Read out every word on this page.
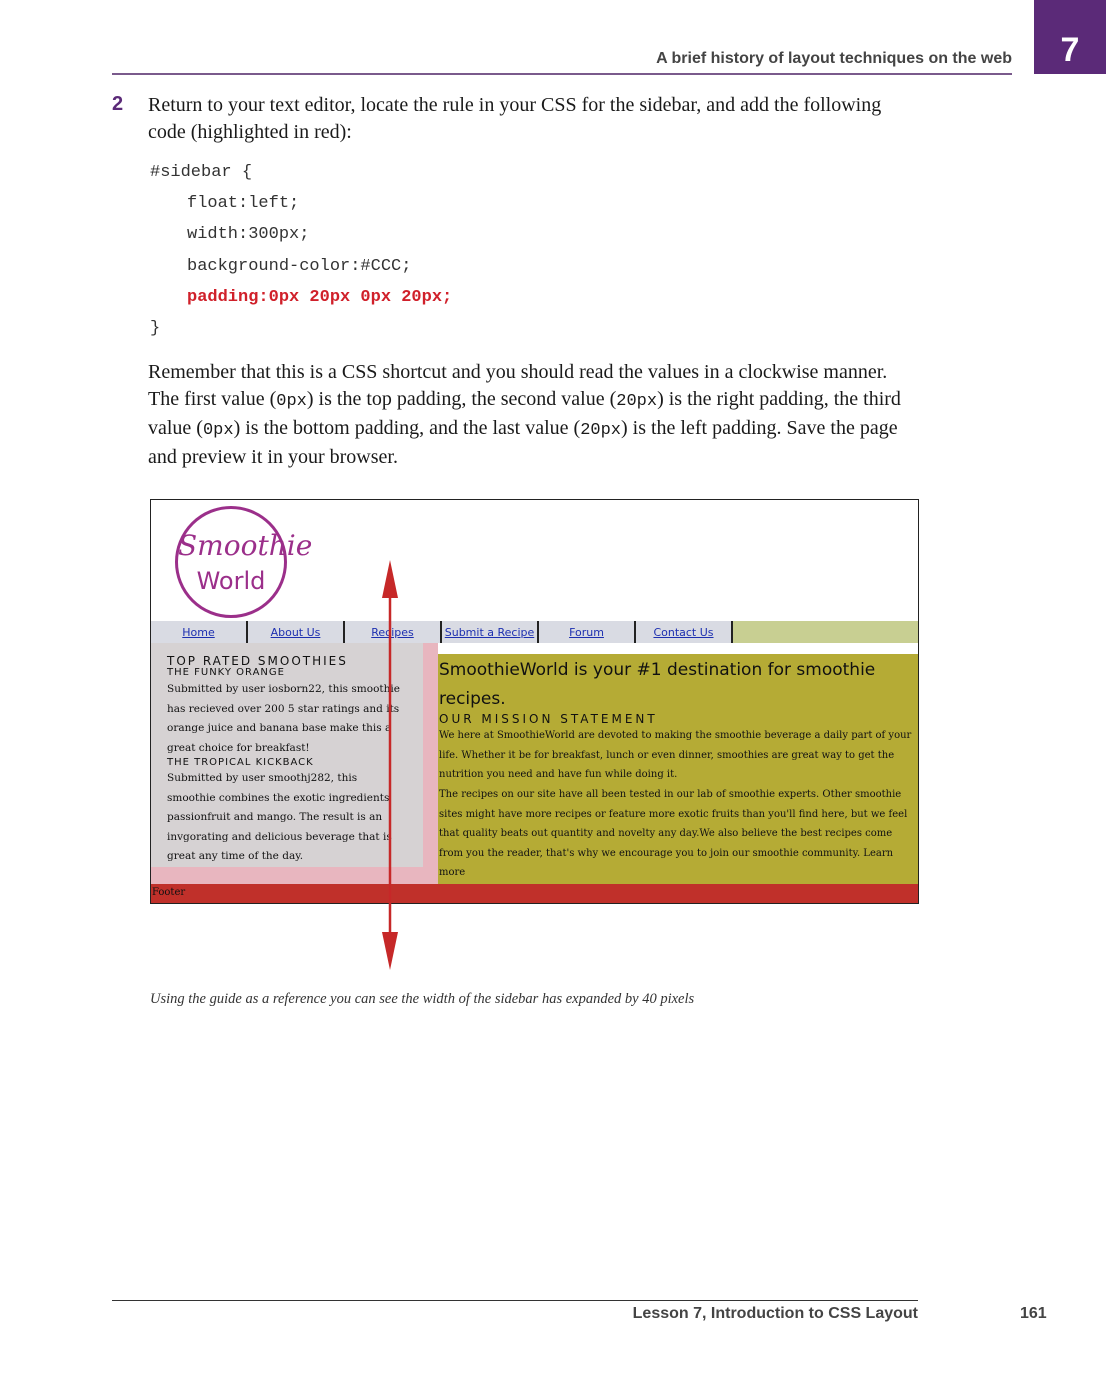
7
A brief history of layout techniques on the web
2 Return to your text editor, locate the rule in your CSS for the sidebar, and add the following code (highlighted in red):
#sidebar {
float:left;
width:300px;
background-color:#CCC;
padding:0px 20px 0px 20px;
}
Remember that this is a CSS shortcut and you should read the values in a clockwise manner. The first value (0px) is the top padding, the second value (20px) is the right padding, the third value (0px) is the bottom padding, and the last value (20px) is the left padding. Save the page and preview it in your browser.
Smoothie
World
Home	About Us	Recipes	Submit a Recipe	Forum	Contact Us
TOP RATED SMOOTHIES
THE FUNKY ORANGE
Submitted by user iosborn22, this smoothie has recieved over 200 5 star ratings and its orange juice and banana base make this a great choice for breakfast!
THE TROPICAL KICKBACK
Submitted by user smoothj282, this smoothie combines the exotic ingredients passionfruit and mango. The result is an invgorating and delicious beverage that is great any time of the day.
SmoothieWorld is your #1 destination for smoothie recipes.
OUR MISSION STATEMENT
We here at SmoothieWorld are devoted to making the smoothie beverage a daily part of your life. Whether it be for breakfast, lunch or even dinner, smoothies are great way to get the nutrition you need and have fun while doing it.
The recipes on our site have all been tested in our lab of smoothie experts. Other smoothie sites might have more recipes or feature more exotic fruits than you'll find here, but we feel that quality beats out quantity and novelty any day.We also believe the best recipes come from you the reader, that's why we encourage you to join our smoothie community. Learn more
Footer
Using the guide as a reference you can see the width of the sidebar has expanded by 40 pixels
Lesson 7, Introduction to CSS Layout	161
